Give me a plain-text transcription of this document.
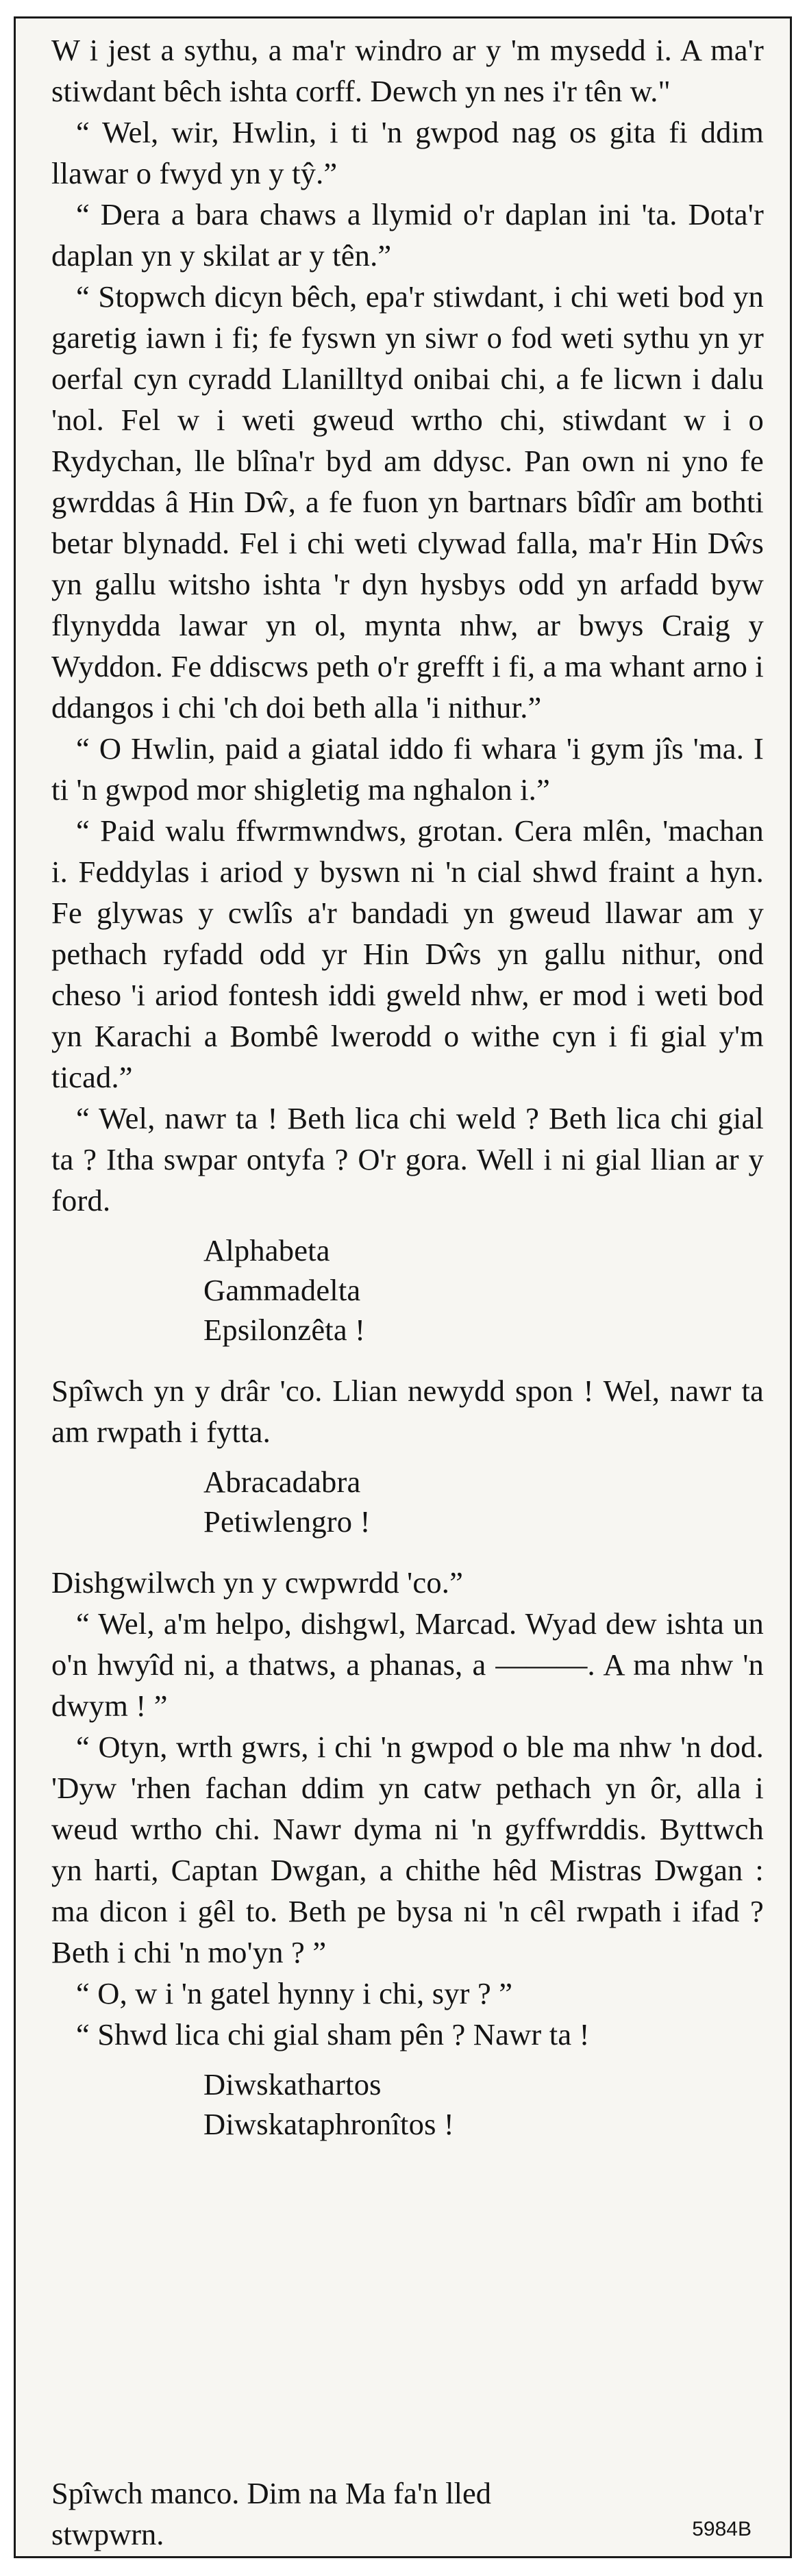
W i jest a sythu, a ma'r windro ar y 'm mysedd i. A ma'r stiwdant bêch ishta corff. Dewch yn nes i'r tên w."

“ Wel, wir, Hwlin, i ti 'n gwpod nag os gita fi ddim llawar o fwyd yn y tŷ.”

“ Dera a bara chaws a llymid o'r daplan ini 'ta. Dota'r daplan yn y skilat ar y tên.”

“ Stopwch dicyn bêch, epa'r stiwdant, i chi weti bod yn garetig iawn i fi; fe fyswn yn siwr o fod weti sythu yn yr oerfal cyn cyradd Llanilltyd onibai chi, a fe licwn i dalu 'nol. Fel w i weti gweud wrtho chi, stiwdant w i o Rydychan, lle blîna'r byd am ddysc. Pan own ni yno fe gwrddas â Hin Dŵ, a fe fuon yn bartnars bîdîr am bothti betar blynadd. Fel i chi weti clywad falla, ma'r Hin Dŵs yn gallu witsho ishta 'r dyn hysbys odd yn arfadd byw flynydda lawar yn ol, mynta nhw, ar bwys Craig y Wyddon. Fe ddiscws peth o'r grefft i fi, a ma whant arno i ddangos i chi 'ch doi beth alla 'i nithur.”

“ O Hwlin, paid a giatal iddo fi whara 'i gym jîs 'ma. I ti 'n gwpod mor shigletig ma nghalon i.”

“ Paid walu ffwrmwndws, grotan. Cera mlên, 'machan i. Feddylas i ariod y byswn ni 'n cial shwd fraint a hyn. Fe glywas y cwlîs a'r bandadi yn gweud llawar am y pethach ryfadd odd yr Hin Dŵs yn gallu nithur, ond cheso 'i ariod fontesh iddi gweld nhw, er mod i weti bod yn Karachi a Bombê lwerodd o withe cyn i fi gial y'm ticad.”

“ Wel, nawr ta ! Beth lica chi weld ? Beth lica chi gial ta ? Itha swpar ontyfa ? O'r gora. Well i ni gial llian ar y ford.

Alphabeta
Gammadelta
Epsilonzêta !

Spîwch yn y drâr 'co. Llian newydd spon ! Wel, nawr ta am rwpath i fytta.

Abracadabra
Petiwlengro !

Dishgwilwch yn y cwpwrdd 'co.”

“ Wel, a'm helpo, dishgwl, Marcad. Wyad dew ishta un o'n hwyîd ni, a thatws, a phanas, a ———. A ma nhw 'n dwym ! ”

“ Otyn, wrth gwrs, i chi 'n gwpod o ble ma nhw 'n dod. 'Dyw 'rhen fachan ddim yn catw pethach yn ôr, alla i weud wrtho chi. Nawr dyma ni 'n gyffwrddis. Byttwch yn harti, Captan Dwgan, a chithe hêd Mistras Dwgan : ma dicon i gêl to. Beth pe bysa ni 'n cêl rwpath i ifad ? Beth i chi 'n mo'yn ? ”

“ O, w i 'n gatel hynny i chi, syr ? ”

“ Shwd lica chi gial sham pên ? Nawr ta !

Diwskathartos
Diwskataphronîtos !
Spîwch manco. Dim na Ma fa'n lled stwpwrn.	5984B
